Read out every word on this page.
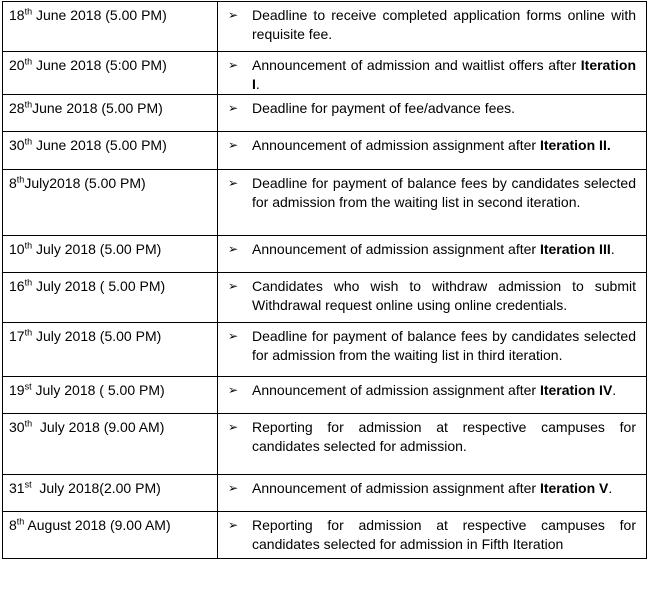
18th June 2018 (5.00 PM)	➢ Deadline to receive completed application forms online with requisite fee.

20th June 2018 (5:00 PM)	➢ Announcement of admission and waitlist offers after Iteration I.

28thJune 2018 (5.00 PM)	➢ Deadline for payment of fee/advance fees.

30th June 2018 (5.00 PM)	➢ Announcement of admission assignment after Iteration II.

8thJuly2018 (5.00 PM)	➢ Deadline for payment of balance fees by candidates selected for admission from the waiting list in second iteration.

10th July 2018 (5.00 PM)	➢ Announcement of admission assignment after Iteration III.

16th July 2018 ( 5.00 PM)	➢ Candidates who wish to withdraw admission to submit Withdrawal request online using online credentials.

17th July 2018 (5.00 PM)	➢ Deadline for payment of balance fees by candidates selected for admission from the waiting list in third iteration.

19st July 2018 ( 5.00 PM)	➢ Announcement of admission assignment after Iteration IV.

30th  July 2018 (9.00 AM)	➢ Reporting for admission at respective campuses for candidates selected for admission.

31st  July 2018(2.00 PM)	➢ Announcement of admission assignment after Iteration V.

8th August 2018 (9.00 AM)	➢ Reporting for admission at respective campuses for candidates selected for admission in Fifth Iteration
